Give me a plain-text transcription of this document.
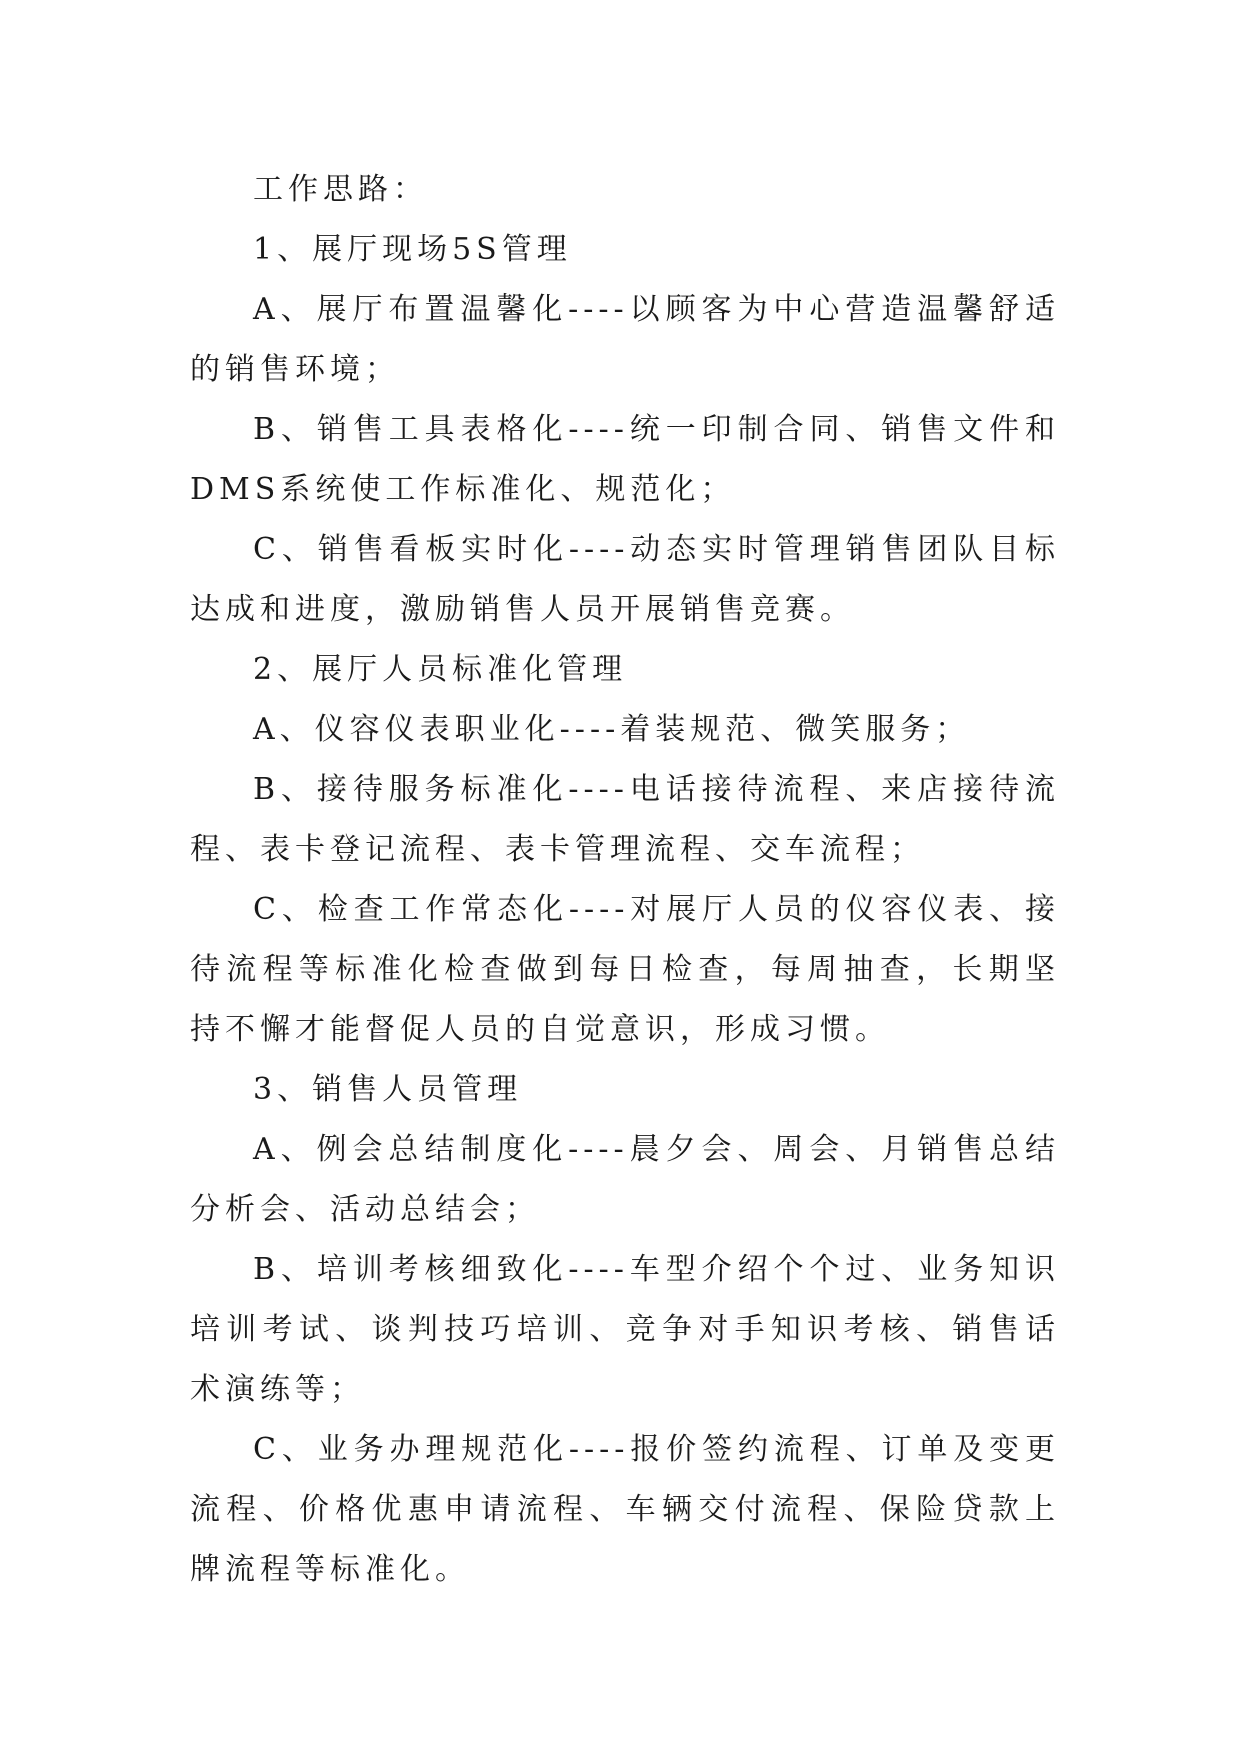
工作思路：

1、展厅现场5S管理

A、展厅布置温馨化----以顾客为中心营造温馨舒适的销售环境；

B、销售工具表格化----统一印制合同、销售文件和DMS系统使工作标准化、规范化；

C、销售看板实时化----动态实时管理销售团队目标达成和进度，激励销售人员开展销售竞赛。

2、展厅人员标准化管理

A、仪容仪表职业化----着装规范、微笑服务；

B、接待服务标准化----电话接待流程、来店接待流程、表卡登记流程、表卡管理流程、交车流程；

C、检查工作常态化----对展厅人员的仪容仪表、接待流程等标准化检查做到每日检查，每周抽查，长期坚持不懈才能督促人员的自觉意识，形成习惯。

3、销售人员管理

A、例会总结制度化----晨夕会、周会、月销售总结分析会、活动总结会；

B、培训考核细致化----车型介绍个个过、业务知识培训考试、谈判技巧培训、竞争对手知识考核、销售话术演练等；

C、业务办理规范化----报价签约流程、订单及变更流程、价格优惠申请流程、车辆交付流程、保险贷款上牌流程等标准化。
